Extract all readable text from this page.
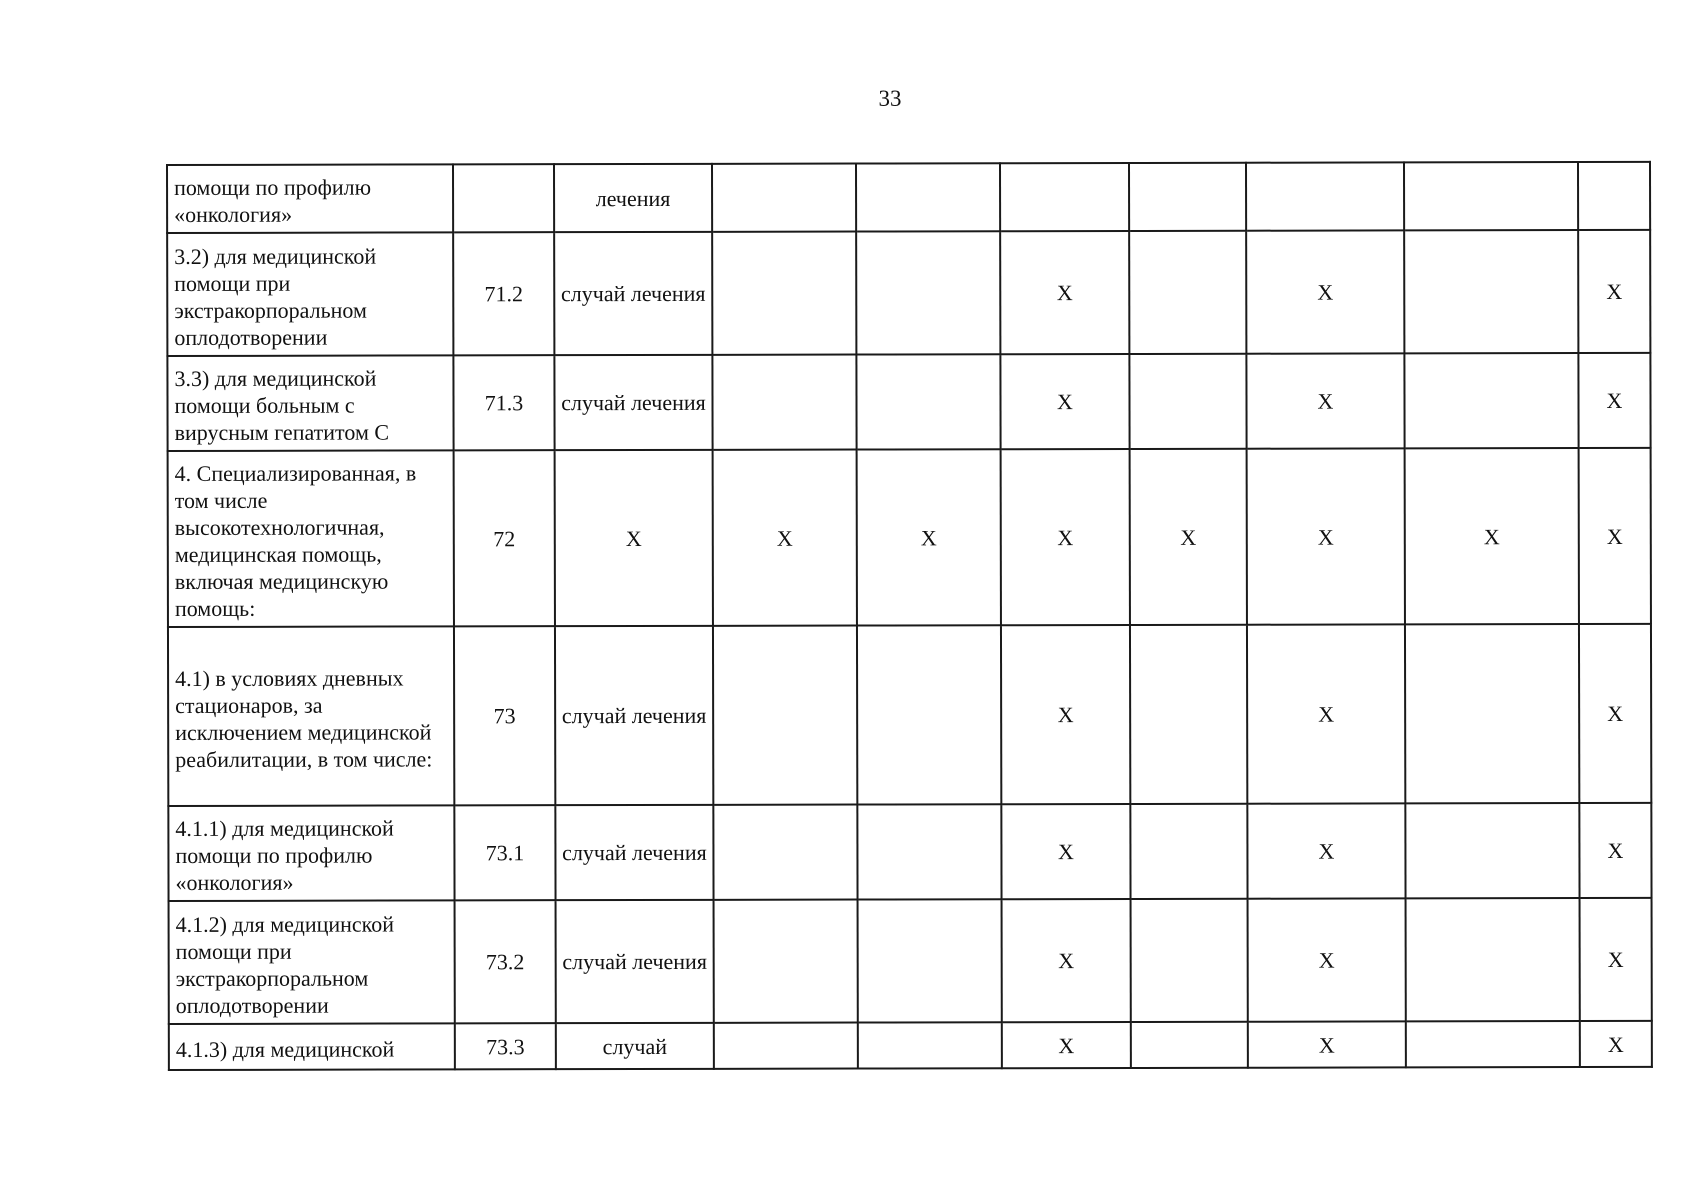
33
помощи по профилю «онкология»		лечения							
3.2) для медицинской помощи при экстракорпоральном оплодотворении	71.2	случай лечения			Х		Х		Х
3.3) для медицинской помощи больным с вирусным гепатитом С	71.3	случай лечения			Х		Х		Х
4. Специализированная, в том числе высокотехнологичная, медицинская помощь, включая медицинскую помощь:	72	Х	Х	Х	Х	Х	Х	Х	Х
4.1) в условиях дневных стационаров, за исключением медицинской реабилитации, в том числе:	73	случай лечения			Х		Х		Х
4.1.1) для медицинской помощи по профилю «онкология»	73.1	случай лечения			Х		Х		Х
4.1.2) для медицинской помощи при экстракорпоральном оплодотворении	73.2	случай лечения			Х		Х		Х
4.1.3) для медицинской	73.3	случай			Х		Х		Х
